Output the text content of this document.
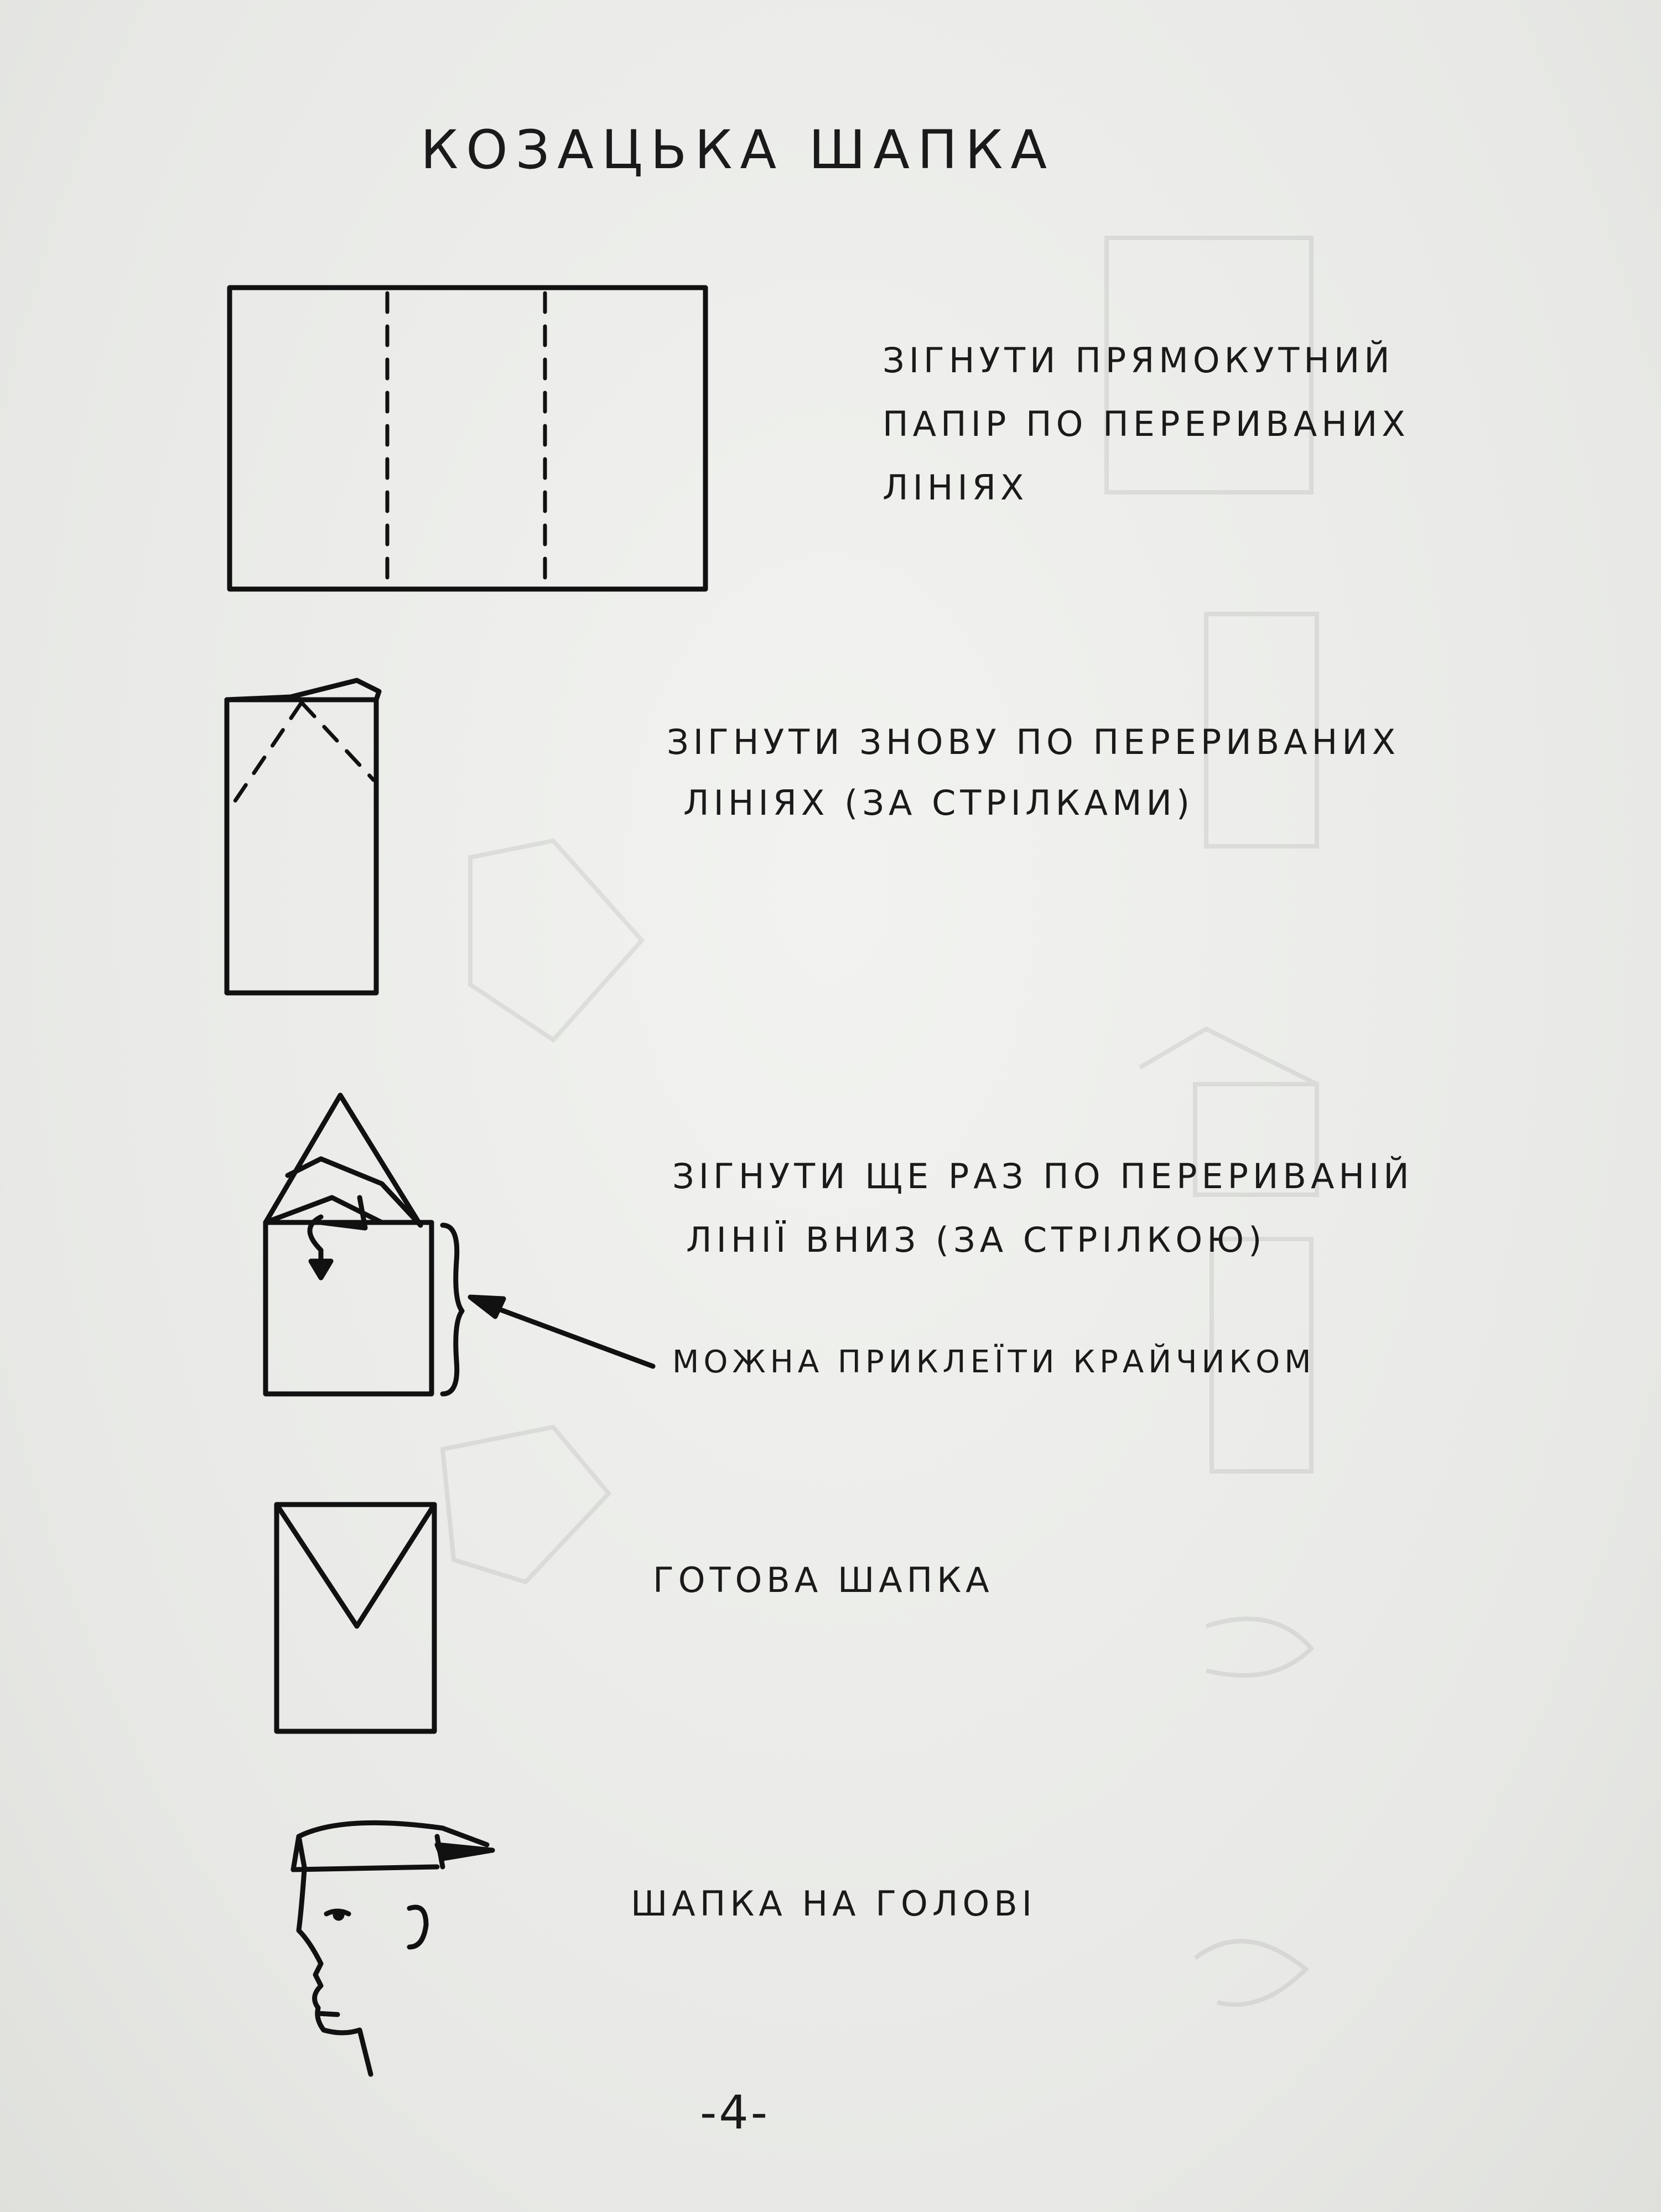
КОЗАЦЬКА ШАПКА
ЗІГНУТИ ПРЯМОКУТНИЙ
ПАПІР ПО ПЕРЕРИВАНИХ
ЛІНІЯХ
ЗІГНУТИ ЗНОВУ ПО ПЕРЕРИВАНИХ
ЛІНІЯХ (ЗА СТРІЛКАМИ)
ЗІГНУТИ ЩЕ РАЗ ПО ПЕРЕРИВАНІЙ
ЛІНІЇ ВНИЗ (ЗА СТРІЛКОЮ)
МОЖНА ПРИКЛЕЇТИ КРАЙЧИКОМ
ГОТОВА ШАПКА
ШАПКА НА ГОЛОВІ
-4-
